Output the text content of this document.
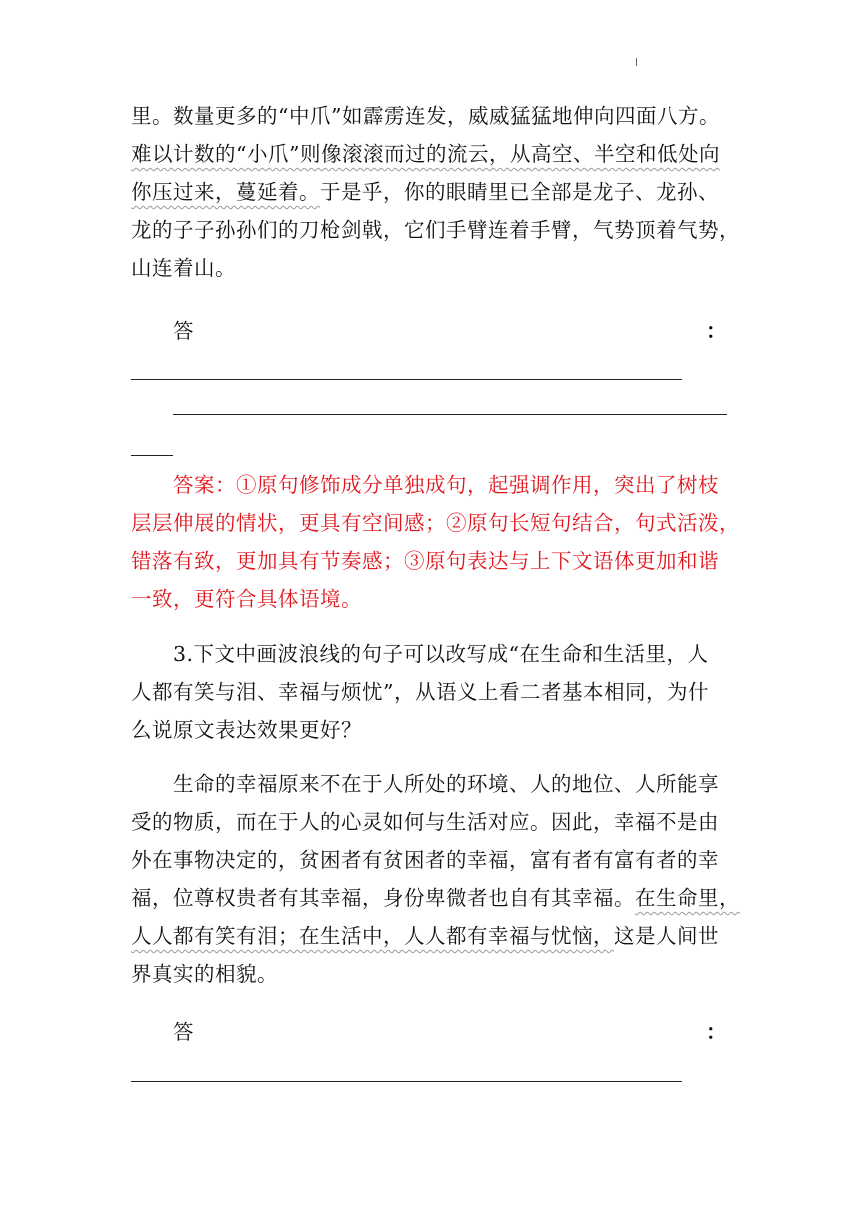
里。数量更多的“中爪”如霹雳连发，威威猛猛地伸向四面八方。
难以计数的“小爪”则像滚滚而过的流云，从高空、半空和低处向
你压过来，蔓延着。于是乎，你的眼睛里已全部是龙子、龙孙、
龙的子子孙孙们的刀枪剑戟，它们手臂连着手臂，气势顶着气势，
山连着山。
答	：
答案：①原句修饰成分单独成句，起强调作用，突出了树枝
层层伸展的情状，更具有空间感；②原句长短句结合，句式活泼，
错落有致，更加具有节奏感；③原句表达与上下文语体更加和谐
一致，更符合具体语境。
3.下文中画波浪线的句子可以改写成“在生命和生活里，人
人都有笑与泪、幸福与烦忧”，从语义上看二者基本相同，为什
么说原文表达效果更好？
生命的幸福原来不在于人所处的环境、人的地位、人所能享
受的物质，而在于人的心灵如何与生活对应。因此，幸福不是由
外在事物决定的，贫困者有贫困者的幸福，富有者有富有者的幸
福，位尊权贵者有其幸福，身份卑微者也自有其幸福。在生命里，
人人都有笑有泪；在生活中，人人都有幸福与忧恼，这是人间世
界真实的相貌。
答	：
